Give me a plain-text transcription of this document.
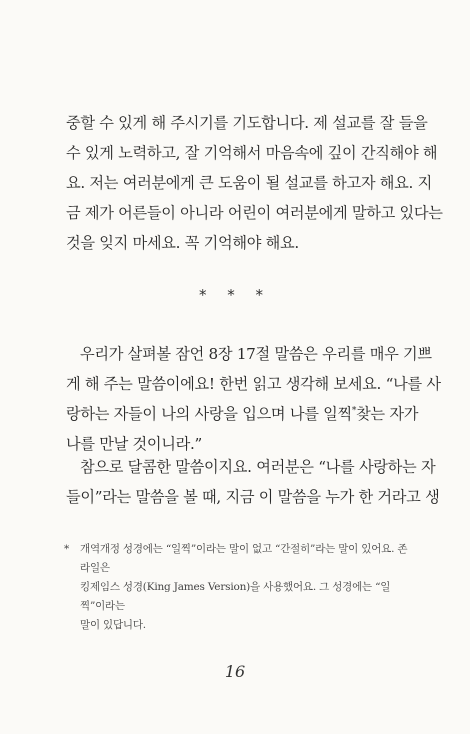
중할 수 있게 해 주시기를 기도합니다. 제 설교를 잘 들을
수 있게 노력하고, 잘 기억해서 마음속에 깊이 간직해야 해
요. 저는 여러분에게 큰 도움이 될 설교를 하고자 해요. 지
금 제가 어른들이 아니라 어린이 여러분에게 말하고 있다는
것을 잊지 마세요. 꼭 기억해야 해요.

* * *

우리가 살펴볼 잠언 8장 17절 말씀은 우리를 매우 기쁘
게 해 주는 말씀이에요! 한번 읽고 생각해 보세요. “나를 사
랑하는 자들이 나의 사랑을 입으며 나를 일찍*찾는 자가
나를 만날 것이니라.”

참으로 달콤한 말씀이지요. 여러분은 “나를 사랑하는 자
들이”라는 말씀을 볼 때, 지금 이 말씀을 누가 한 거라고 생

*	개역개정 성경에는 “일찍”이라는 말이 없고 “간절히”라는 말이 있어요. 존 라일은
킹제임스 성경(King James Version)을 사용했어요. 그 성경에는 “일찍”이라는
말이 있답니다.
16
